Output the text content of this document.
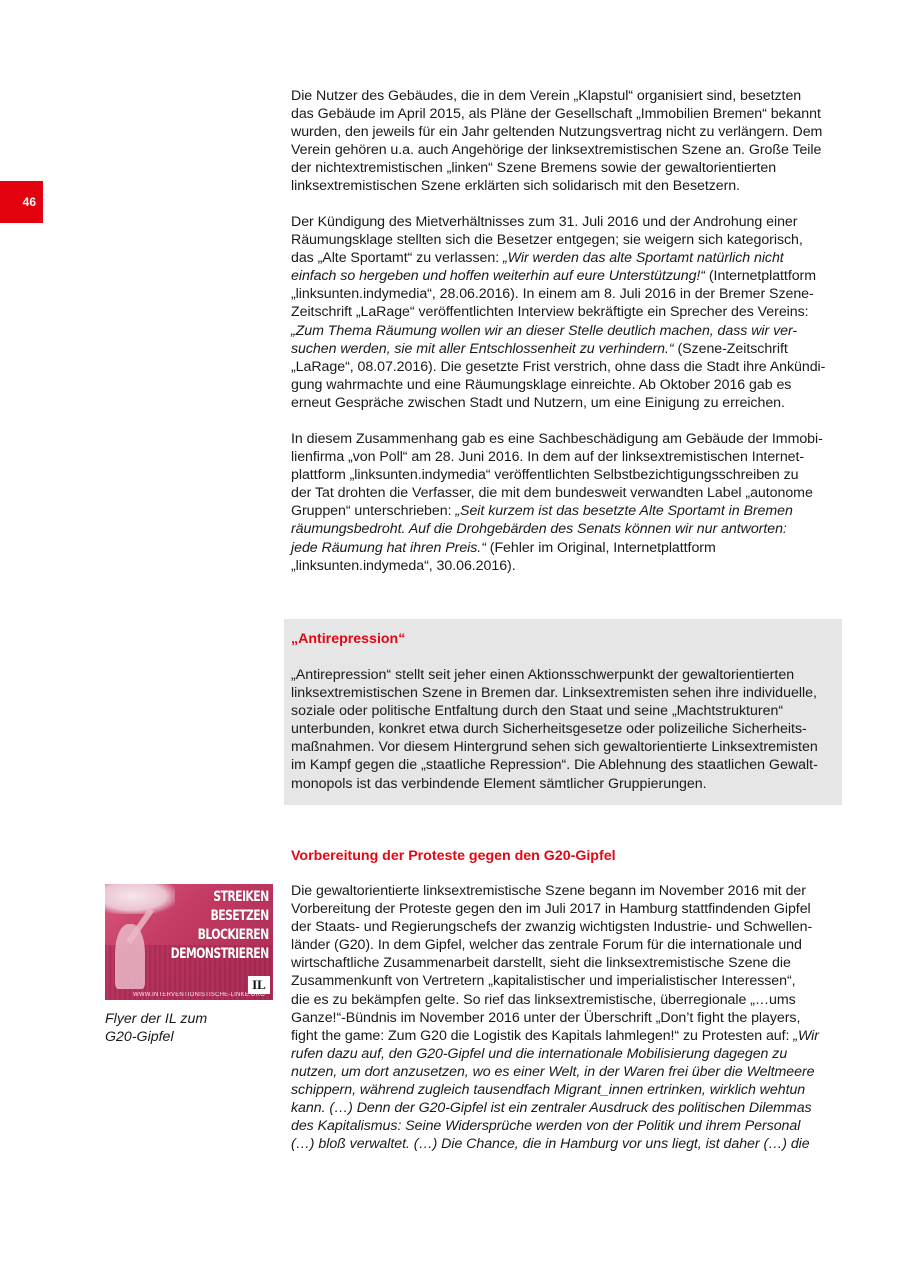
46
Die Nutzer des Gebäudes, die in dem Verein „Klapstul“ organisiert sind, besetzten
das Gebäude im April 2015, als Pläne der Gesellschaft „Immobilien Bremen“ bekannt
wurden, den jeweils für ein Jahr geltenden Nutzungsvertrag nicht zu verlängern. Dem
Verein gehören u.a. auch Angehörige der linksextremistischen Szene an. Große Teile
der nichtextremistischen „linken“ Szene Bremens sowie der gewaltorientierten
linksextremistischen Szene erklärten sich solidarisch mit den Besetzern.
Der Kündigung des Mietverhältnisses zum 31. Juli 2016 und der Androhung einer
Räumungsklage stellten sich die Besetzer entgegen; sie weigern sich kategorisch,
das „Alte Sportamt“ zu verlassen: „Wir werden das alte Sportamt natürlich nicht
einfach so hergeben und hoffen weiterhin auf eure Unterstützung!“ (Internetplattform
„linksunten.indymedia“, 28.06.2016). In einem am 8. Juli 2016 in der Bremer Szene-
Zeitschrift „LaRage“ veröffentlichten Interview bekräftigte ein Sprecher des Vereins:
„Zum Thema Räumung wollen wir an dieser Stelle deutlich machen, dass wir ver-
suchen werden, sie mit aller Entschlossenheit zu verhindern.“ (Szene-Zeitschrift
„LaRage“, 08.07.2016). Die gesetzte Frist verstrich, ohne dass die Stadt ihre Ankündi-
gung wahrmachte und eine Räumungsklage einreichte. Ab Oktober 2016 gab es
erneut Gespräche zwischen Stadt und Nutzern, um eine Einigung zu erreichen.
In diesem Zusammenhang gab es eine Sachbeschädigung am Gebäude der Immobi-
lienfirma „von Poll“ am 28. Juni 2016. In dem auf der linksextremistischen Internet-
plattform „linksunten.indymedia“ veröffentlichten Selbstbezichtigungsschreiben zu
der Tat drohten die Verfasser, die mit dem bundesweit verwandten Label „autonome
Gruppen“ unterschrieben: „Seit kurzem ist das besetzte Alte Sportamt in Bremen
räumungsbedroht. Auf die Drohgebärden des Senats können wir nur antworten:
jede Räumung hat ihren Preis.“ (Fehler im Original, Internetplattform
„linksunten.indymeda“, 30.06.2016).
„Antirepression“
„Antirepression“ stellt seit jeher einen Aktionsschwerpunkt der gewaltorientierten
linksextremistischen Szene in Bremen dar. Linksextremisten sehen ihre individuelle,
soziale oder politische Entfaltung durch den Staat und seine „Machtstrukturen“
unterbunden, konkret etwa durch Sicherheitsgesetze oder polizeiliche Sicherheits-
maßnahmen. Vor diesem Hintergrund sehen sich gewaltorientierte Linksextremisten
im Kampf gegen die „staatliche Repression“. Die Ablehnung des staatlichen Gewalt-
monopols ist das verbindende Element sämtlicher Gruppierungen.
Vorbereitung der Proteste gegen den G20-Gipfel
Die gewaltorientierte linksextremistische Szene begann im November 2016 mit der
Vorbereitung der Proteste gegen den im Juli 2017 in Hamburg stattfindenden Gipfel
der Staats- und Regierungschefs der zwanzig wichtigsten Industrie- und Schwellen-
länder (G20). In dem Gipfel, welcher das zentrale Forum für die internationale und
wirtschaftliche Zusammenarbeit darstellt, sieht die linksextremistische Szene die
Zusammenkunft von Vertretern „kapitalistischer und imperialistischer Interessen“,
die es zu bekämpfen gelte. So rief das linksextremistische, überregionale „…ums
Ganze!“-Bündnis im November 2016 unter der Überschrift „Don’t fight the players,
fight the game: Zum G20 die Logistik des Kapitals lahmlegen!“ zu Protesten auf: „Wir
rufen dazu auf, den G20-Gipfel und die internationale Mobilisierung dagegen zu
nutzen, um dort anzusetzen, wo es einer Welt, in der Waren frei über die Weltmeere
schippern, während zugleich tausendfach Migrant_innen ertrinken, wirklich wehtun
kann. (…) Denn der G20-Gipfel ist ein zentraler Ausdruck des politischen Dilemmas
des Kapitalismus: Seine Widersprüche werden von der Politik und ihrem Personal
(…) bloß verwaltet. (…) Die Chance, die in Hamburg vor uns liegt, ist daher (…) die
STREIKEN
BESETZEN
BLOCKIEREN
DEMONSTRIEREN
IL
WWW.INTERVENTIONISTISCHE-LINKE.ORG
Flyer der IL zum
G20-Gipfel
